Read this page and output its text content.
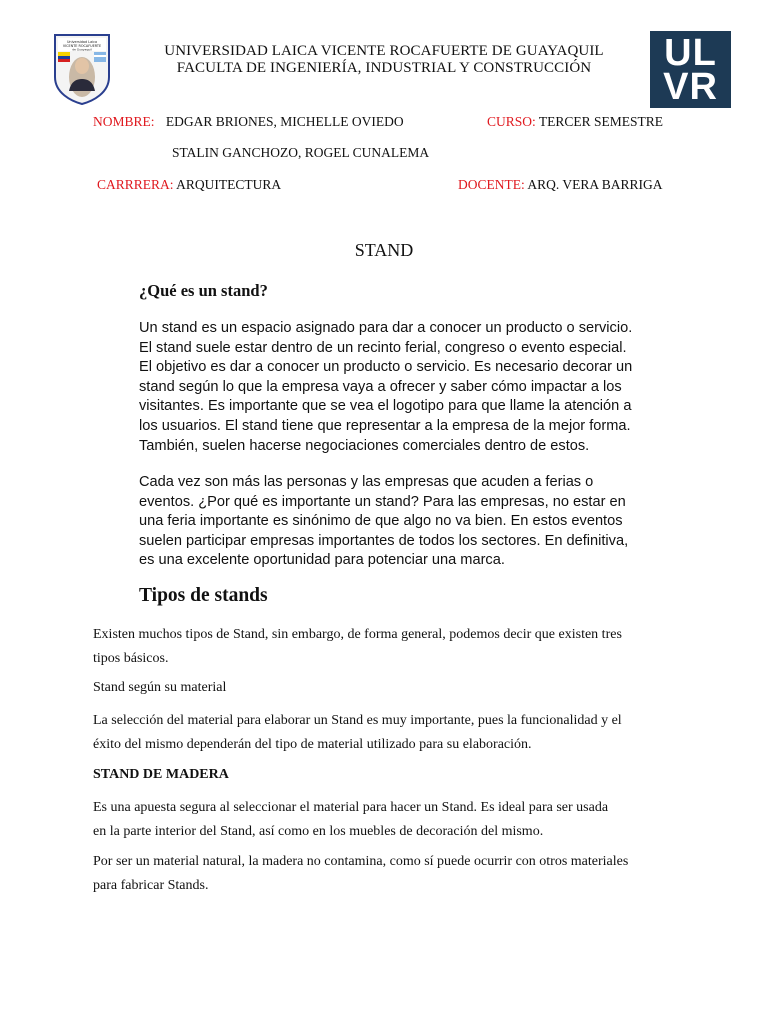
Universidad Laica
VICENTE ROCAFUERTE
de Guayaquil	UL
VR
UNIVERSIDAD LAICA VICENTE ROCAFUERTE DE GUAYAQUIL
FACULTA DE INGENIERÍA, INDUSTRIAL Y CONSTRUCCIÓN
NOMBRE: EDGAR BRIONES, MICHELLE OVIEDO	CURSO: TERCER SEMESTRE
STALIN GANCHOZO, ROGEL CUNALEMA
CARRRERA: ARQUITECTURA	DOCENTE: ARQ. VERA BARRIGA
STAND
¿Qué es un stand?
Un stand es un espacio asignado para dar a conocer un producto o servicio.
El stand suele estar dentro de un recinto ferial, congreso o evento especial.
El objetivo es dar a conocer un producto o servicio. Es necesario decorar un
stand según lo que la empresa vaya a ofrecer y saber cómo impactar a los
visitantes. Es importante que se vea el logotipo para que llame la atención a
los usuarios. El stand tiene que representar a la empresa de la mejor forma.
También, suelen hacerse negociaciones comerciales dentro de estos.
Cada vez son más las personas y las empresas que acuden a ferias o
eventos. ¿Por qué es importante un stand? Para las empresas, no estar en
una feria importante es sinónimo de que algo no va bien. En estos eventos
suelen participar empresas importantes de todos los sectores. En definitiva,
es una excelente oportunidad para potenciar una marca.
Tipos de stands
Existen muchos tipos de Stand, sin embargo, de forma general, podemos decir que existen tres
tipos básicos.
Stand según su material
La selección del material para elaborar un Stand es muy importante, pues la funcionalidad y el
éxito del mismo dependerán del tipo de material utilizado para su elaboración.
STAND DE MADERA
Es una apuesta segura al seleccionar el material para hacer un Stand. Es ideal para ser usada
en la parte interior del Stand, así como en los muebles de decoración del mismo.
Por ser un material natural, la madera no contamina, como sí puede ocurrir con otros materiales
para fabricar Stands.
